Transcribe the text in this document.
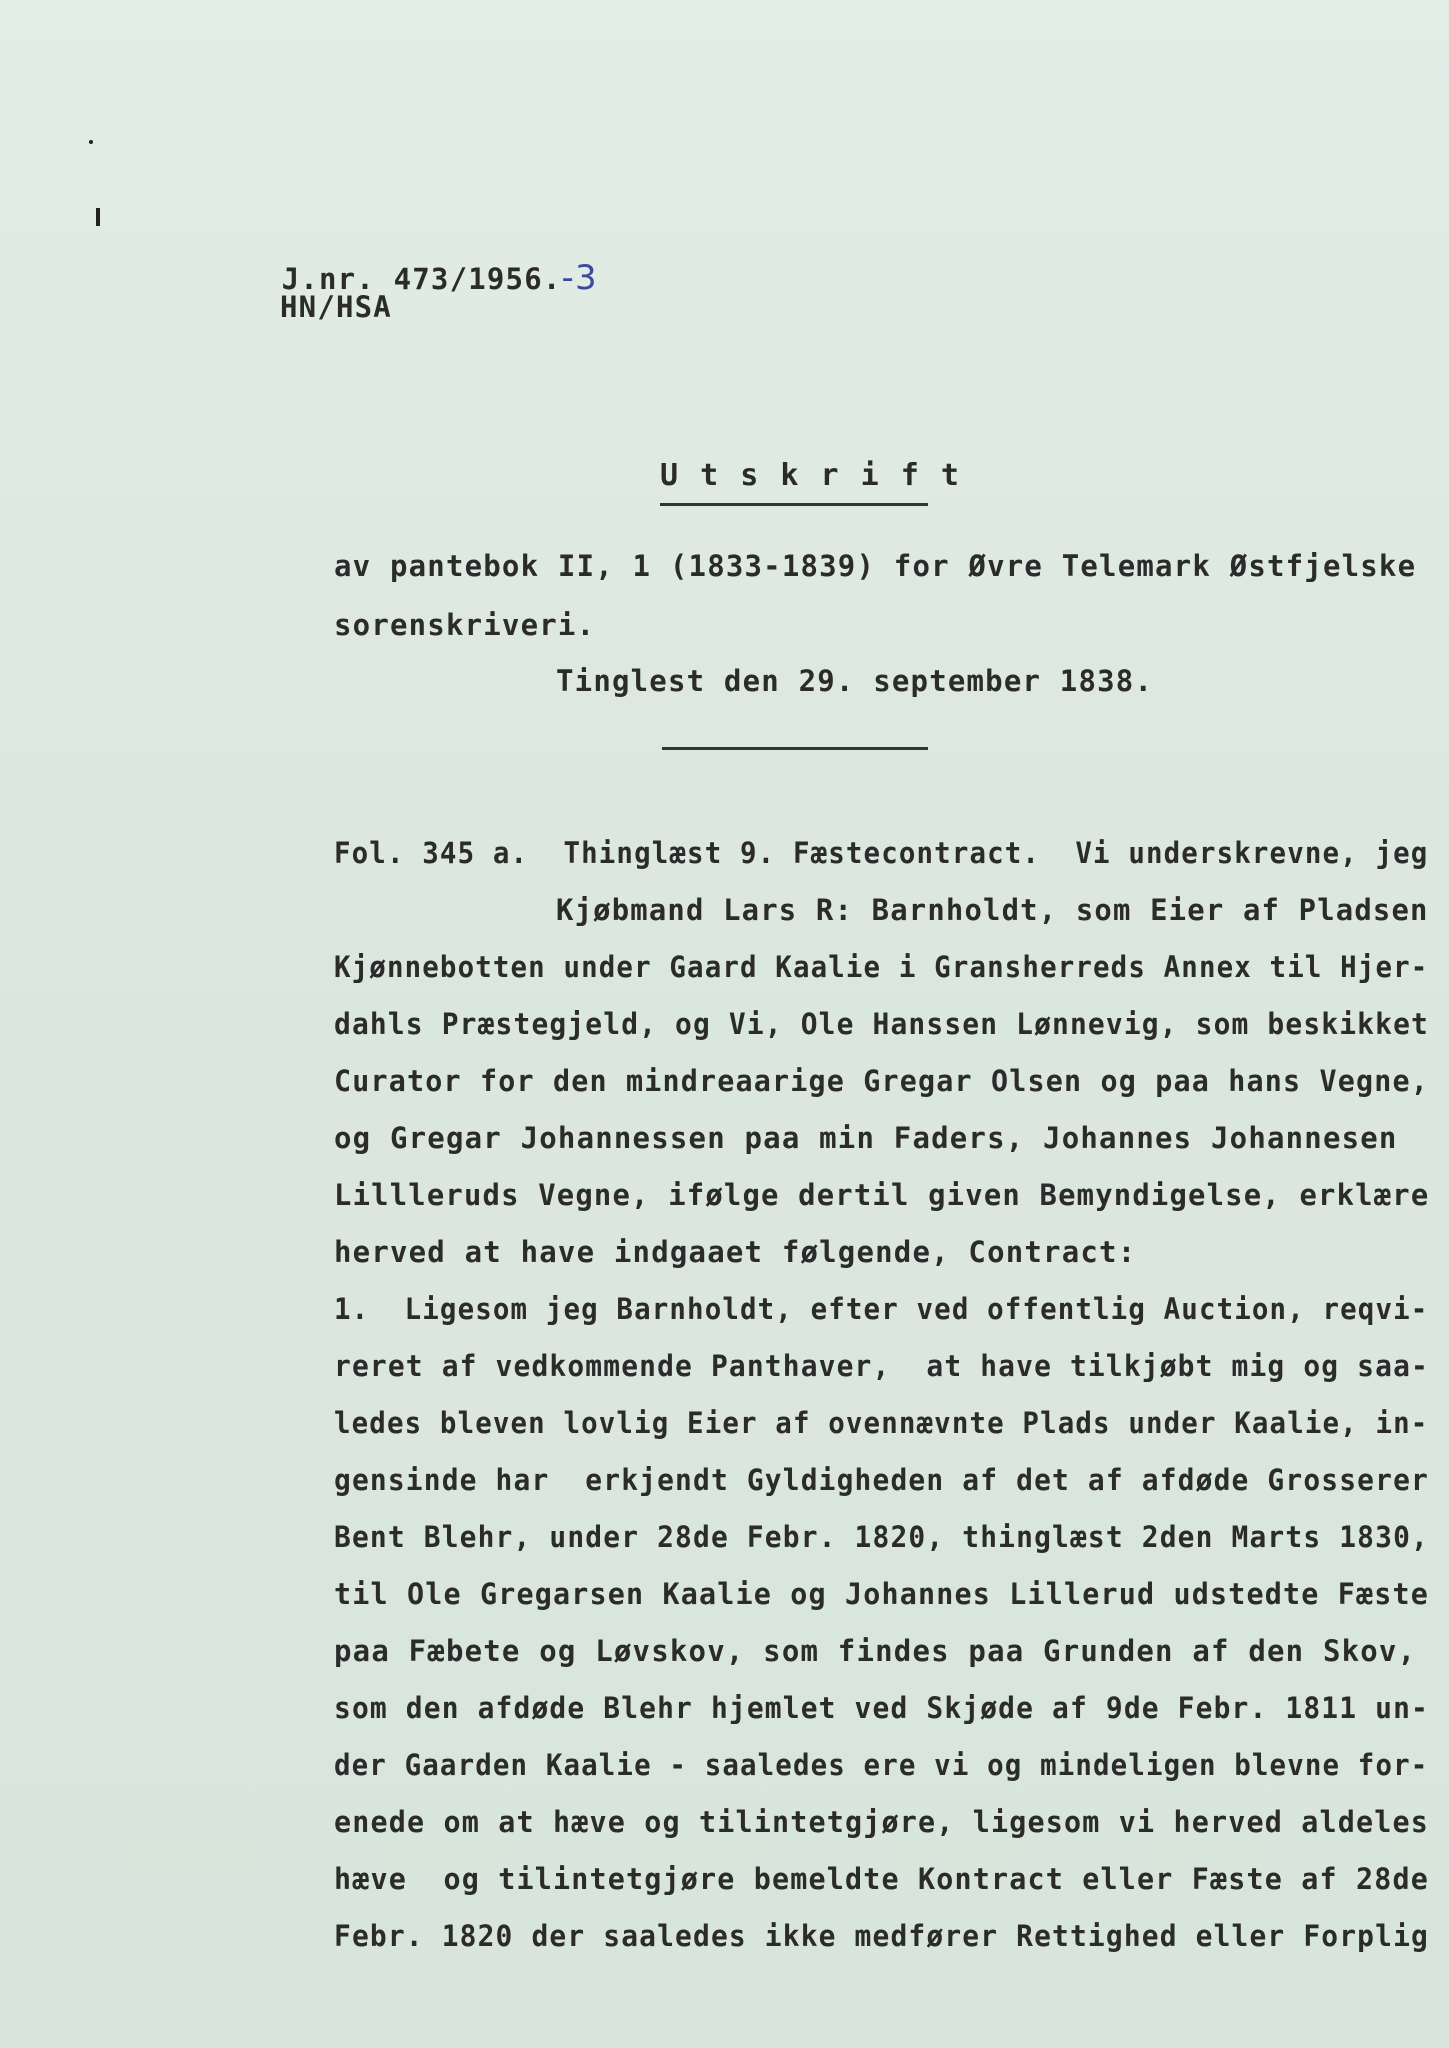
J.nr. 473/1956.-3

HN/HSA
U t s k r i f t
av pantebok II, 1 (1833-1839) for Øvre Telemark Østfjelske
sorenskriveri.
Tinglest den 29. september 1838.
Fol. 345 a.  Thinglæst 9. Fæstecontract.  Vi underskrevne, jeg
Kjøbmand Lars R: Barnholdt, som Eier af Pladsen
Kjønnebotten under Gaard Kaalie i Gransherreds Annex til Hjer-
dahls Præstegjeld, og Vi, Ole Hanssen Lønnevig, som beskikket
Curator for den mindreaarige Gregar Olsen og paa hans Vegne,
og Gregar Johannessen paa min Faders, Johannes Johannesen
Lillleruds Vegne, ifølge dertil given Bemyndigelse, erklære
herved at have indgaaet følgende, Contract:
1.  Ligesom jeg Barnholdt, efter ved offentlig Auction, reqvi-
reret af vedkommende Panthaver,  at have tilkjøbt mig og saa-
ledes bleven lovlig Eier af ovennævnte Plads under Kaalie, in-
gensinde har  erkjendt Gyldigheden af det af afdøde Grosserer
Bent Blehr, under 28de Febr. 1820, thinglæst 2den Marts 1830,
til Ole Gregarsen Kaalie og Johannes Lillerud udstedte Fæste
paa Fæbete og Løvskov, som findes paa Grunden af den Skov,
som den afdøde Blehr hjemlet ved Skjøde af 9de Febr. 1811 un-
der Gaarden Kaalie - saaledes ere vi og mindeligen blevne for-
enede om at hæve og tilintetgjøre, ligesom vi herved aldeles
hæve  og tilintetgjøre bemeldte Kontract eller Fæste af 28de
Febr. 1820 der saaledes ikke medfører Rettighed eller Forplig
